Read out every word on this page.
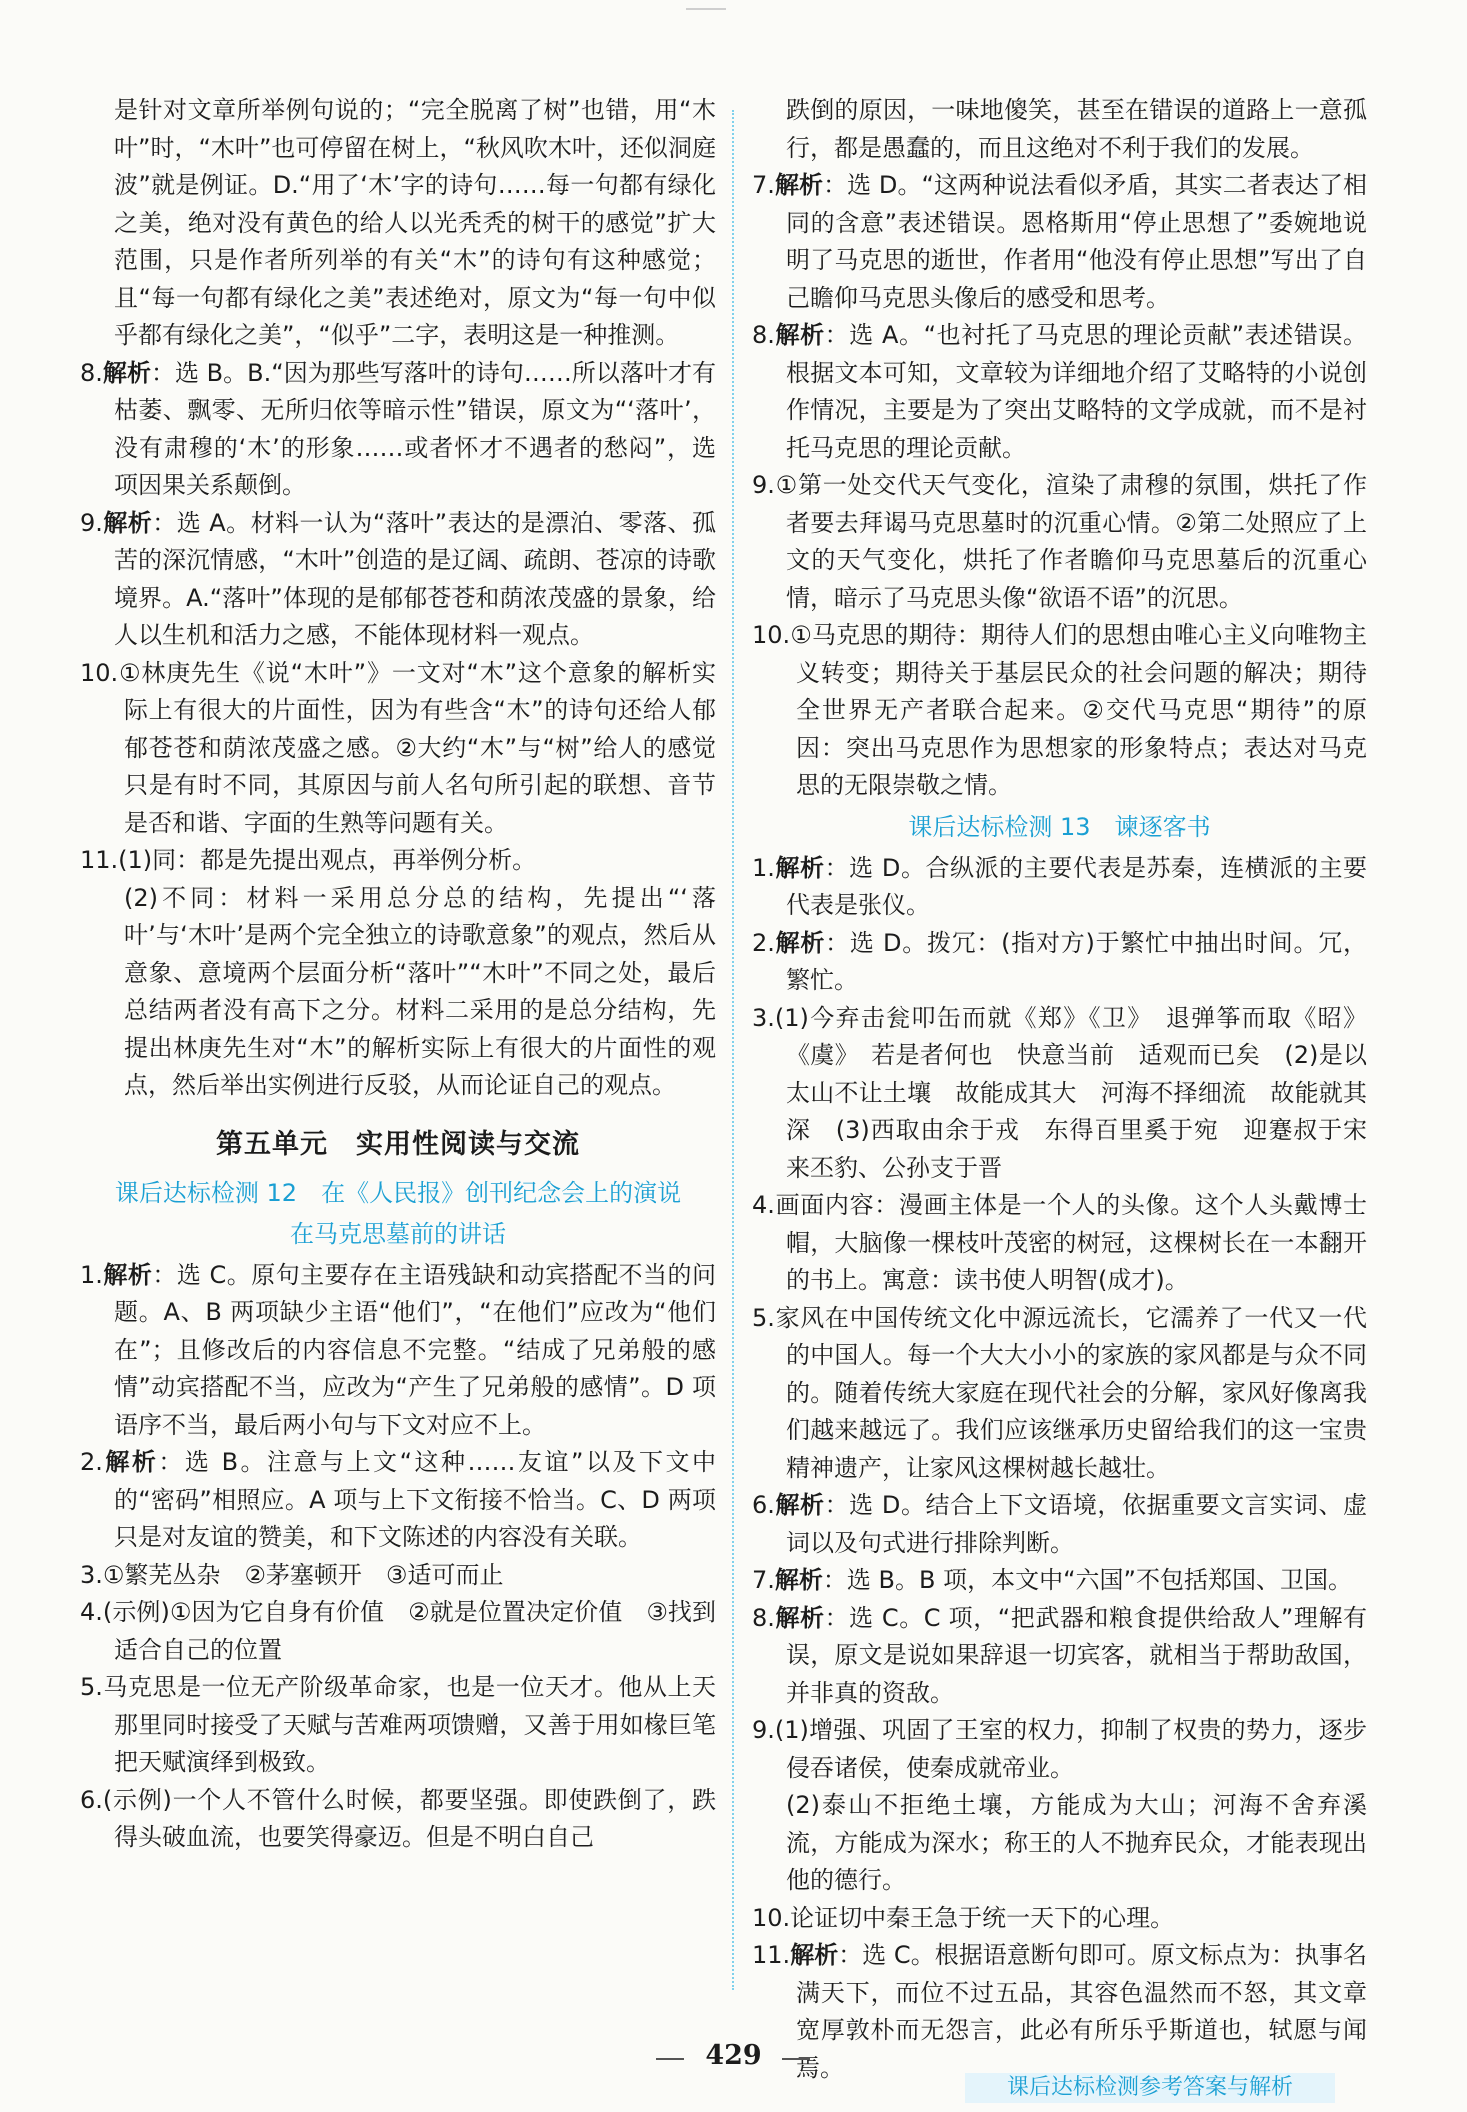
是针对文章所举例句说的；“完全脱离了树”也错，用“木叶”时，“木叶”也可停留在树上，“秋风吹木叶，还似洞庭波”就是例证。D.“用了‘木’字的诗句……每一句都有绿化之美，绝对没有黄色的给人以光秃秃的树干的感觉”扩大范围，只是作者所列举的有关“木”的诗句有这种感觉；且“每一句都有绿化之美”表述绝对，原文为“每一句中似乎都有绿化之美”，“似乎”二字，表明这是一种推测。
8.解析：选 B。B.“因为那些写落叶的诗句……所以落叶才有枯萎、飘零、无所归依等暗示性”错误，原文为“‘落叶’，没有肃穆的‘木’的形象……或者怀才不遇者的愁闷”，选项因果关系颠倒。
9.解析：选 A。材料一认为“落叶”表达的是漂泊、零落、孤苦的深沉情感，“木叶”创造的是辽阔、疏朗、苍凉的诗歌境界。A.“落叶”体现的是郁郁苍苍和荫浓茂盛的景象，给人以生机和活力之感，不能体现材料一观点。
10.①林庚先生《说“木叶”》一文对“木”这个意象的解析实际上有很大的片面性，因为有些含“木”的诗句还给人郁郁苍苍和荫浓茂盛之感。②大约“木”与“树”给人的感觉只是有时不同，其原因与前人名句所引起的联想、音节是否和谐、字面的生熟等问题有关。
11.(1)同：都是先提出观点，再举例分析。
(2)不同：材料一采用总分总的结构，先提出“‘落叶’与‘木叶’是两个完全独立的诗歌意象”的观点，然后从意象、意境两个层面分析“落叶”“木叶”不同之处，最后总结两者没有高下之分。材料二采用的是总分结构，先提出林庚先生对“木”的解析实际上有很大的片面性的观点，然后举出实例进行反驳，从而论证自己的观点。
第五单元　实用性阅读与交流
课后达标检测 12　在《人民报》创刊纪念会上的演说
在马克思墓前的讲话
1.解析：选 C。原句主要存在主语残缺和动宾搭配不当的问题。A、B 两项缺少主语“他们”，“在他们”应改为“他们在”；且修改后的内容信息不完整。“结成了兄弟般的感情”动宾搭配不当，应改为“产生了兄弟般的感情”。D 项语序不当，最后两小句与下文对应不上。
2.解析：选 B。注意与上文“这种……友谊”以及下文中的“密码”相照应。A 项与上下文衔接不恰当。C、D 两项只是对友谊的赞美，和下文陈述的内容没有关联。
3.①繁芜丛杂　②茅塞顿开　③适可而止
4.(示例)①因为它自身有价值　②就是位置决定价值　③找到适合自己的位置
5.马克思是一位无产阶级革命家，也是一位天才。他从上天那里同时接受了天赋与苦难两项馈赠，又善于用如椽巨笔把天赋演绎到极致。
6.(示例)一个人不管什么时候，都要坚强。即使跌倒了，跌得头破血流，也要笑得豪迈。但是不明白自己
跌倒的原因，一味地傻笑，甚至在错误的道路上一意孤行，都是愚蠢的，而且这绝对不利于我们的发展。
7.解析：选 D。“这两种说法看似矛盾，其实二者表达了相同的含意”表述错误。恩格斯用“停止思想了”委婉地说明了马克思的逝世，作者用“他没有停止思想”写出了自己瞻仰马克思头像后的感受和思考。
8.解析：选 A。“也衬托了马克思的理论贡献”表述错误。根据文本可知，文章较为详细地介绍了艾略特的小说创作情况，主要是为了突出艾略特的文学成就，而不是衬托马克思的理论贡献。
9.①第一处交代天气变化，渲染了肃穆的氛围，烘托了作者要去拜谒马克思墓时的沉重心情。②第二处照应了上文的天气变化，烘托了作者瞻仰马克思墓后的沉重心情，暗示了马克思头像“欲语不语”的沉思。
10.①马克思的期待：期待人们的思想由唯心主义向唯物主义转变；期待关于基层民众的社会问题的解决；期待全世界无产者联合起来。②交代马克思“期待”的原因：突出马克思作为思想家的形象特点；表达对马克思的无限崇敬之情。
课后达标检测 13　谏逐客书
1.解析：选 D。合纵派的主要代表是苏秦，连横派的主要代表是张仪。
2.解析：选 D。拨冗：(指对方)于繁忙中抽出时间。冗，繁忙。
3.(1)今弃击瓮叩缶而就《郑》《卫》　退弹筝而取《昭》《虞》　若是者何也　快意当前　适观而已矣　(2)是以太山不让土壤　故能成其大　河海不择细流　故能就其深　(3)西取由余于戎　东得百里奚于宛　迎蹇叔于宋　来丕豹、公孙支于晋
4.画面内容：漫画主体是一个人的头像。这个人头戴博士帽，大脑像一棵枝叶茂密的树冠，这棵树长在一本翻开的书上。寓意：读书使人明智(成才)。
5.家风在中国传统文化中源远流长，它濡养了一代又一代的中国人。每一个大大小小的家族的家风都是与众不同的。随着传统大家庭在现代社会的分解，家风好像离我们越来越远了。我们应该继承历史留给我们的这一宝贵精神遗产，让家风这棵树越长越壮。
6.解析：选 D。结合上下文语境，依据重要文言实词、虚词以及句式进行排除判断。
7.解析：选 B。B 项，本文中“六国”不包括郑国、卫国。
8.解析：选 C。C 项，“把武器和粮食提供给敌人”理解有误，原文是说如果辞退一切宾客，就相当于帮助敌国，并非真的资敌。
9.(1)增强、巩固了王室的权力，抑制了权贵的势力，逐步侵吞诸侯，使秦成就帝业。
(2)泰山不拒绝土壤，方能成为大山；河海不舍弃溪流，方能成为深水；称王的人不抛弃民众，才能表现出他的德行。
10.论证切中秦王急于统一天下的心理。
11.解析：选 C。根据语意断句即可。原文标点为：执事名满天下，而位不过五品，其容色温然而不怒，其文章宽厚敦朴而无怨言，此必有所乐乎斯道也，轼愿与闻焉。
429
课后达标检测参考答案与解析
